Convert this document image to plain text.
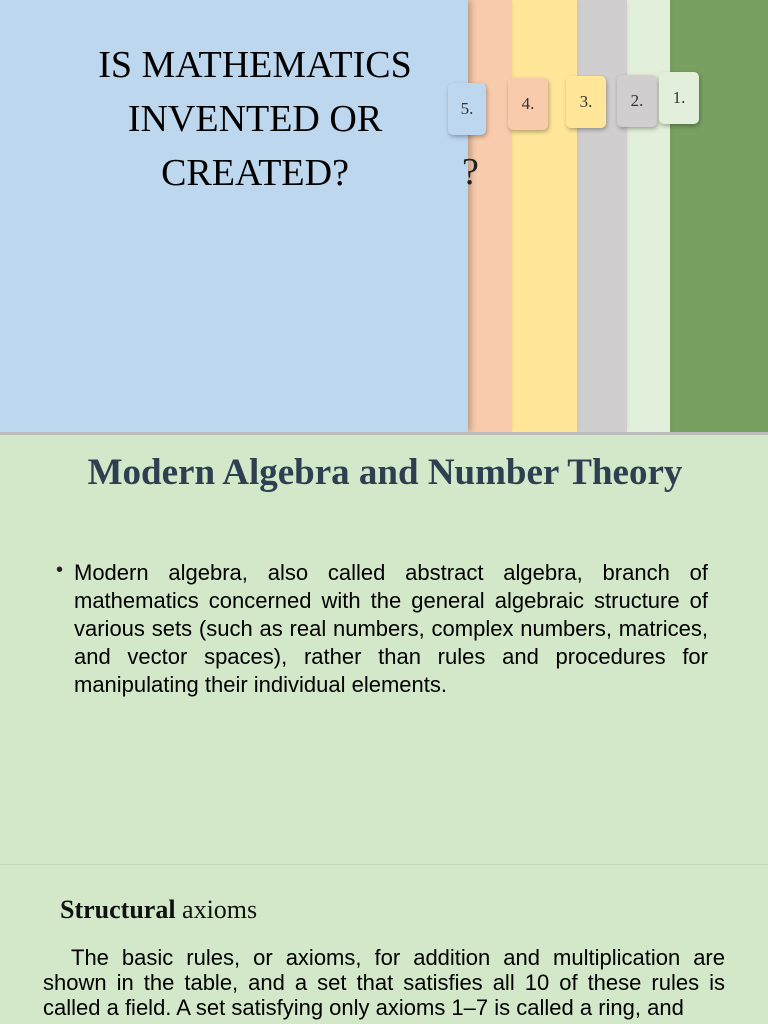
5.	4.	3.	2.	1.
IS MATHEMATICS INVENTED OR CREATED?	?
Modern Algebra and Number Theory
• Modern algebra, also called abstract algebra, branch of mathematics concerned with the general algebraic structure of various sets (such as real numbers, complex numbers, matrices, and vector spaces), rather than rules and procedures for manipulating their individual elements.
Structural axioms
The basic rules, or axioms, for addition and multiplication are shown in the table, and a set that satisfies all 10 of these rules is called a field. A set satisfying only axioms 1–7 is called a ring, and
